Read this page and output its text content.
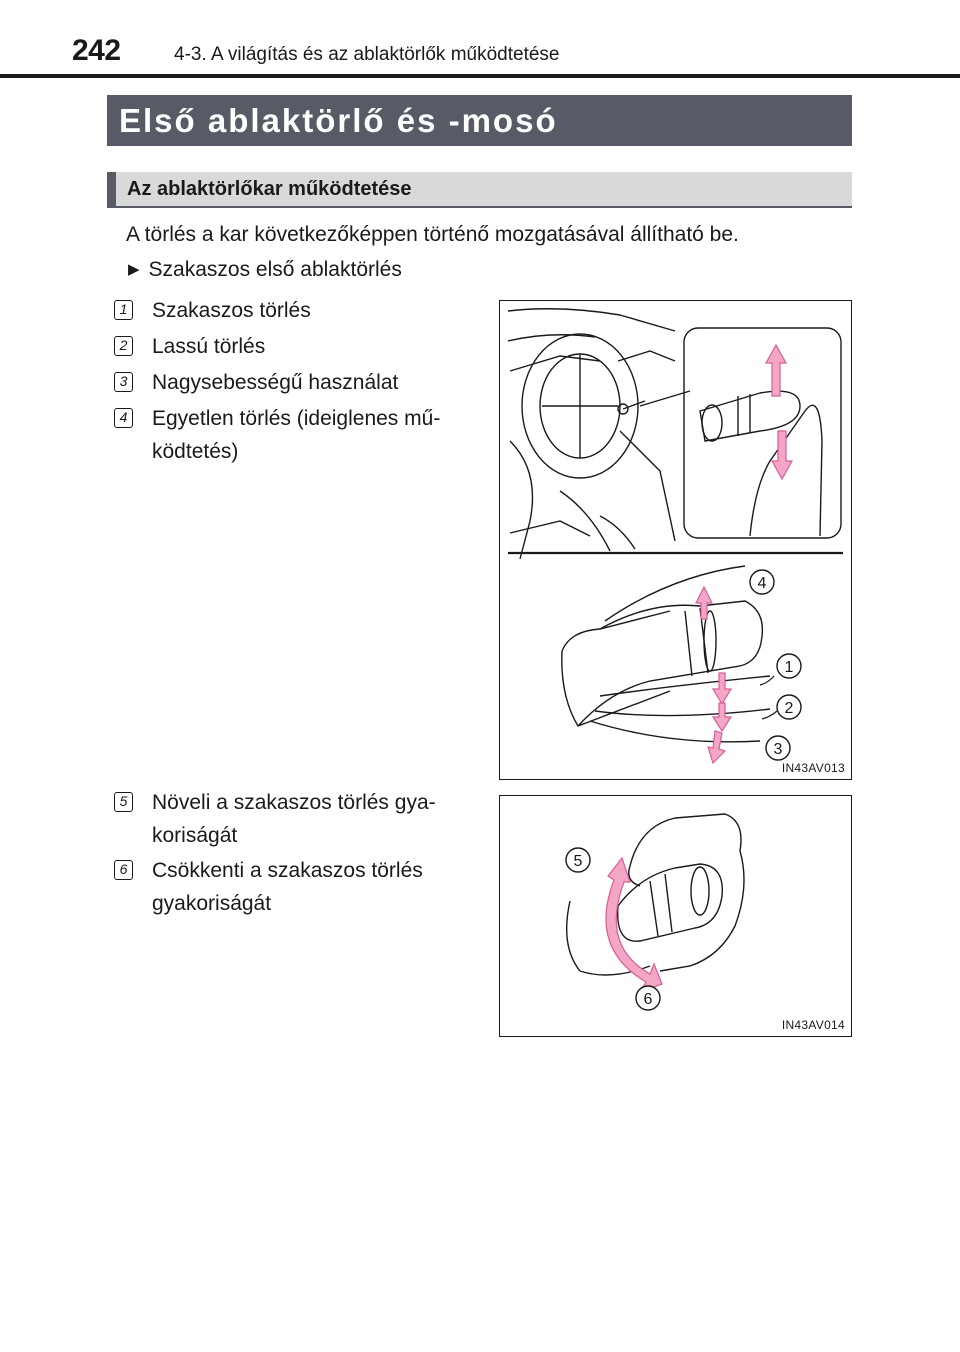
242	4-3. A világítás és az ablaktörlők működtetése
Első ablaktörlő és -mosó
Az ablaktörlőkar működtetése
A törlés a kar következőképpen történő mozgatásával állítható be.
▶ Szakaszos első ablaktörlés
1 Szakaszos törlés
2 Lassú törlés
3 Nagysebességű használat
4 Egyetlen törlés (ideiglenes mű-
ködtetés)
5 Növeli a szakaszos törlés gya-
koriságát
6 Csökkenti a szakaszos törlés
gyakoriságát
4
1
2
3
IN43AV013
5
6
IN43AV014
